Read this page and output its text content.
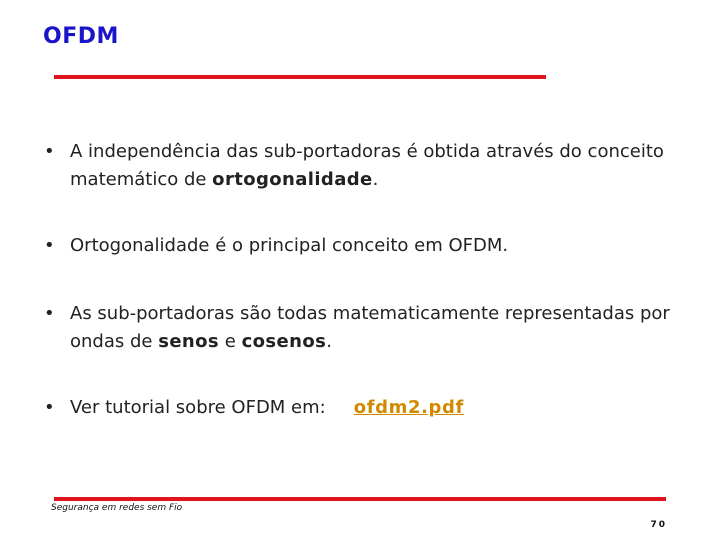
OFDM
• A independência das sub-portadoras é obtida através do conceito matemático de ortogonalidade.
• Ortogonalidade é o principal conceito em OFDM.
• As sub-portadoras são todas matematicamente representadas por ondas de senos e cosenos.
• Ver tutorial sobre OFDM em: ofdm2.pdf
Segurança em redes sem Fio
70
